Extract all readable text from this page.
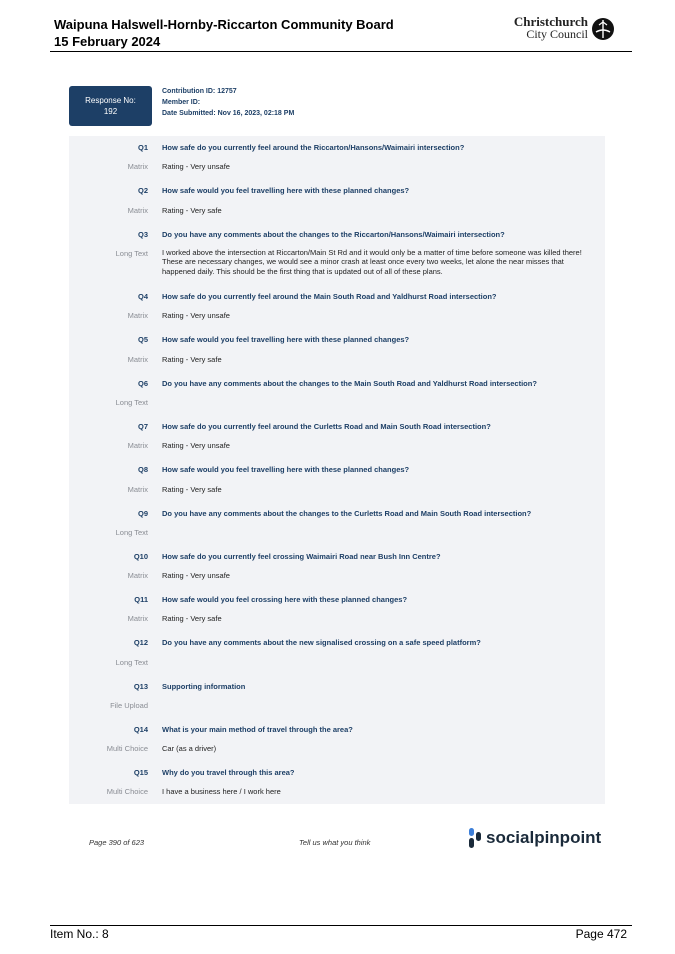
Waipuna Halswell-Hornby-Riccarton Community Board
15 February 2024
Christchurch
City Council
Response No:
192
Contribution ID: 12757
Member ID:
Date Submitted: Nov 16, 2023, 02:18 PM
Q1 How safe do you currently feel around the Riccarton/Hansons/Waimairi intersection?
Matrix Rating - Very unsafe
Q2 How safe would you feel travelling here with these planned changes?
Matrix Rating - Very safe
Q3 Do you have any comments about the changes to the Riccarton/Hansons/Waimairi intersection?
Long Text I worked above the intersection at Riccarton/Main St Rd and it would only be a matter of time before someone was killed there! These are necessary changes, we would see a minor crash at least once every two weeks, let alone the near misses that happened daily. This should be the first thing that is updated out of all of these plans.
Q4 How safe do you currently feel around the Main South Road and Yaldhurst Road intersection?
Matrix Rating - Very unsafe
Q5 How safe would you feel travelling here with these planned changes?
Matrix Rating - Very safe
Q6 Do you have any comments about the changes to the Main South Road and Yaldhurst Road intersection?
Long Text
Q7 How safe do you currently feel around the Curletts Road and Main South Road intersection?
Matrix Rating - Very unsafe
Q8 How safe would you feel travelling here with these planned changes?
Matrix Rating - Very safe
Q9 Do you have any comments about the changes to the Curletts Road and Main South Road intersection?
Long Text
Q10 How safe do you currently feel crossing Waimairi Road near Bush Inn Centre?
Matrix Rating - Very unsafe
Q11 How safe would you feel crossing here with these planned changes?
Matrix Rating - Very safe
Q12 Do you have any comments about the new signalised crossing on a safe speed platform?
Long Text
Q13 Supporting information
File Upload
Q14 What is your main method of travel through the area?
Multi Choice Car (as a driver)
Q15 Why do you travel through this area?
Multi Choice I have a business here / I work here
Page 390 of 623	Tell us what you think	socialpinpoint
Item No.: 8	Page 472
